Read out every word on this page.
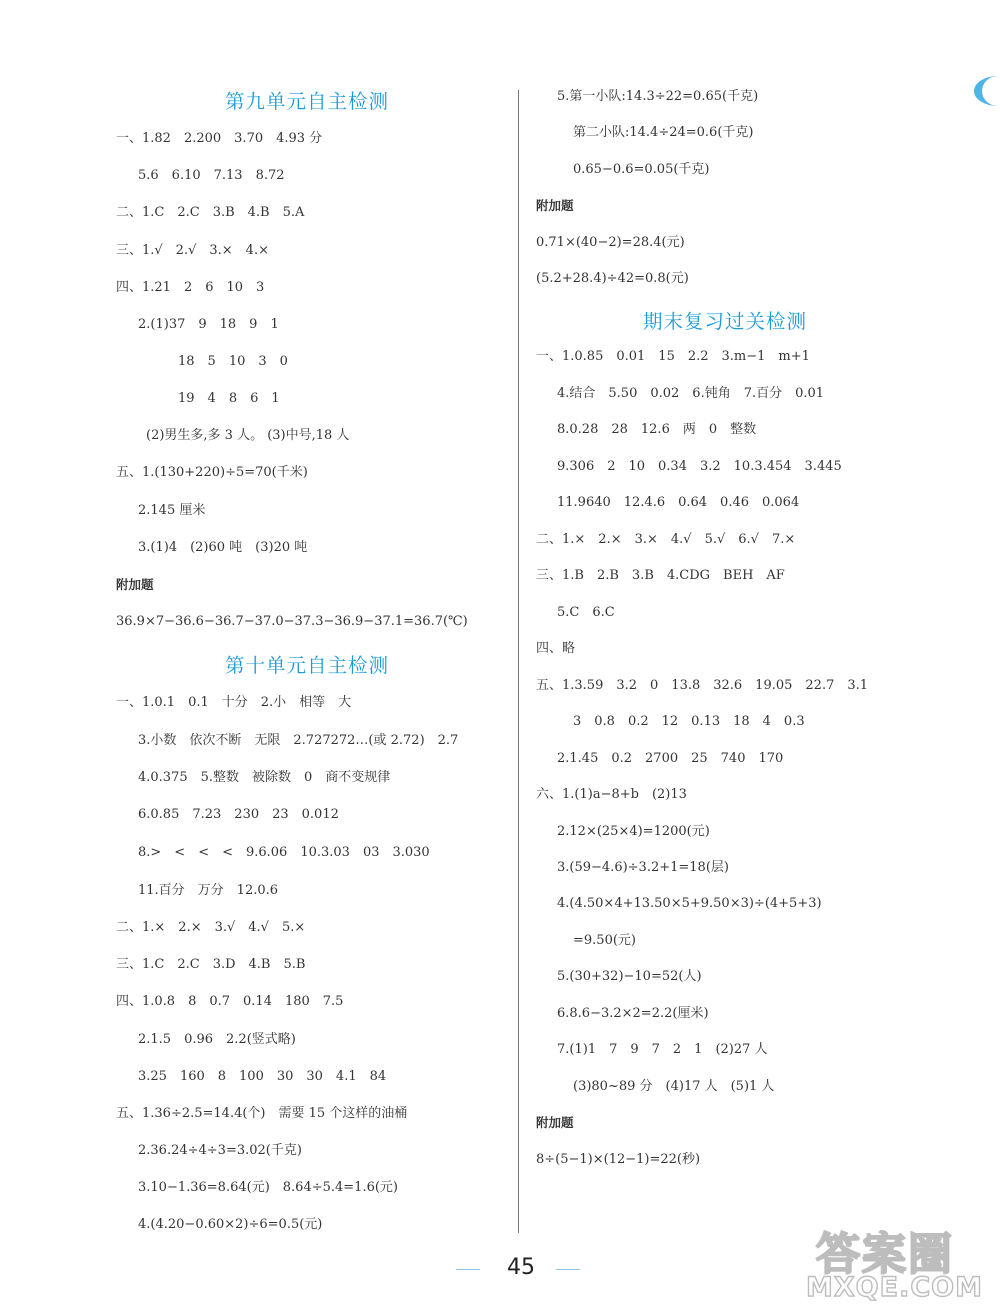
第九单元自主检测
一、1.82　2.200　3.70　4.93 分
5.6　6.10　7.13　8.72
二、1.C　2.C　3.B　4.B　5.A
三、1.√　2.√　3.×　4.×
四、1.21　2　6　10　3
2.(1)37　9　18　9　1
18　5　10　3　0
19　4　8　6　1
(2)男生多,多 3 人。 (3)中号,18 人
五、1.(130+220)÷5=70(千米)
2.145 厘米
3.(1)4　(2)60 吨　(3)20 吨
附加题
36.9×7−36.6−36.7−37.0−37.3−36.9−37.1=36.7(℃)
第十单元自主检测
一、1.0.1　0.1　十分　2.小　相等　大
3.小数　依次不断　无限　2.727272…(或 2.72)　2.7
4.0.375　5.整数　被除数　0　商不变规律
6.0.85　7.23　230　23　0.012
8.>　<　<　<　9.6.06　10.3.03　03　3.030
11.百分　万分　12.0.6
二、1.×　2.×　3.√　4.√　5.×
三、1.C　2.C　3.D　4.B　5.B
四、1.0.8　8　0.7　0.14　180　7.5
2.1.5　0.96　2.2(竖式略)
3.25　160　8　100　30　30　4.1　84
五、1.36÷2.5=14.4(个)　需要 15 个这样的油桶
2.36.24÷4÷3=3.02(千克)
3.10−1.36=8.64(元)　8.64÷5.4=1.6(元)
4.(4.20−0.60×2)÷6=0.5(元)
5.第一小队:14.3÷22=0.65(千克)
第二小队:14.4÷24=0.6(千克)
0.65−0.6=0.05(千克)
附加题
0.71×(40−2)=28.4(元)
(5.2+28.4)÷42=0.8(元)
期末复习过关检测
一、1.0.85　0.01　15　2.2　3.m−1　m+1
4.结合　5.50　0.02　6.钝角　7.百分　0.01
8.0.28　28　12.6　两　0　整数
9.306　2　10　0.34　3.2　10.3.454　3.445
11.9640　12.4.6　0.64　0.46　0.064
二、1.×　2.×　3.×　4.√　5.√　6.√　7.×
三、1.B　2.B　3.B　4.CDG　BEH　AF
5.C　6.C
四、略
五、1.3.59　3.2　0　13.8　32.6　19.05　22.7　3.1
3　0.8　0.2　12　0.13　18　4　0.3
2.1.45　0.2　2700　25　740　170
六、1.(1)a−8+b　(2)13
2.12×(25×4)=1200(元)
3.(59−4.6)÷3.2+1=18(层)
4.(4.50×4+13.50×5+9.50×3)÷(4+5+3)
=9.50(元)
5.(30+32)−10=52(人)
6.8.6−3.2×2=2.2(厘米)
7.(1)1　7　9　7　2　1　(2)27 人
(3)80~89 分　(4)17 人　(5)1 人
附加题
8÷(5−1)×(12−1)=22(秒)
45	答案圈
MXQE.COM
